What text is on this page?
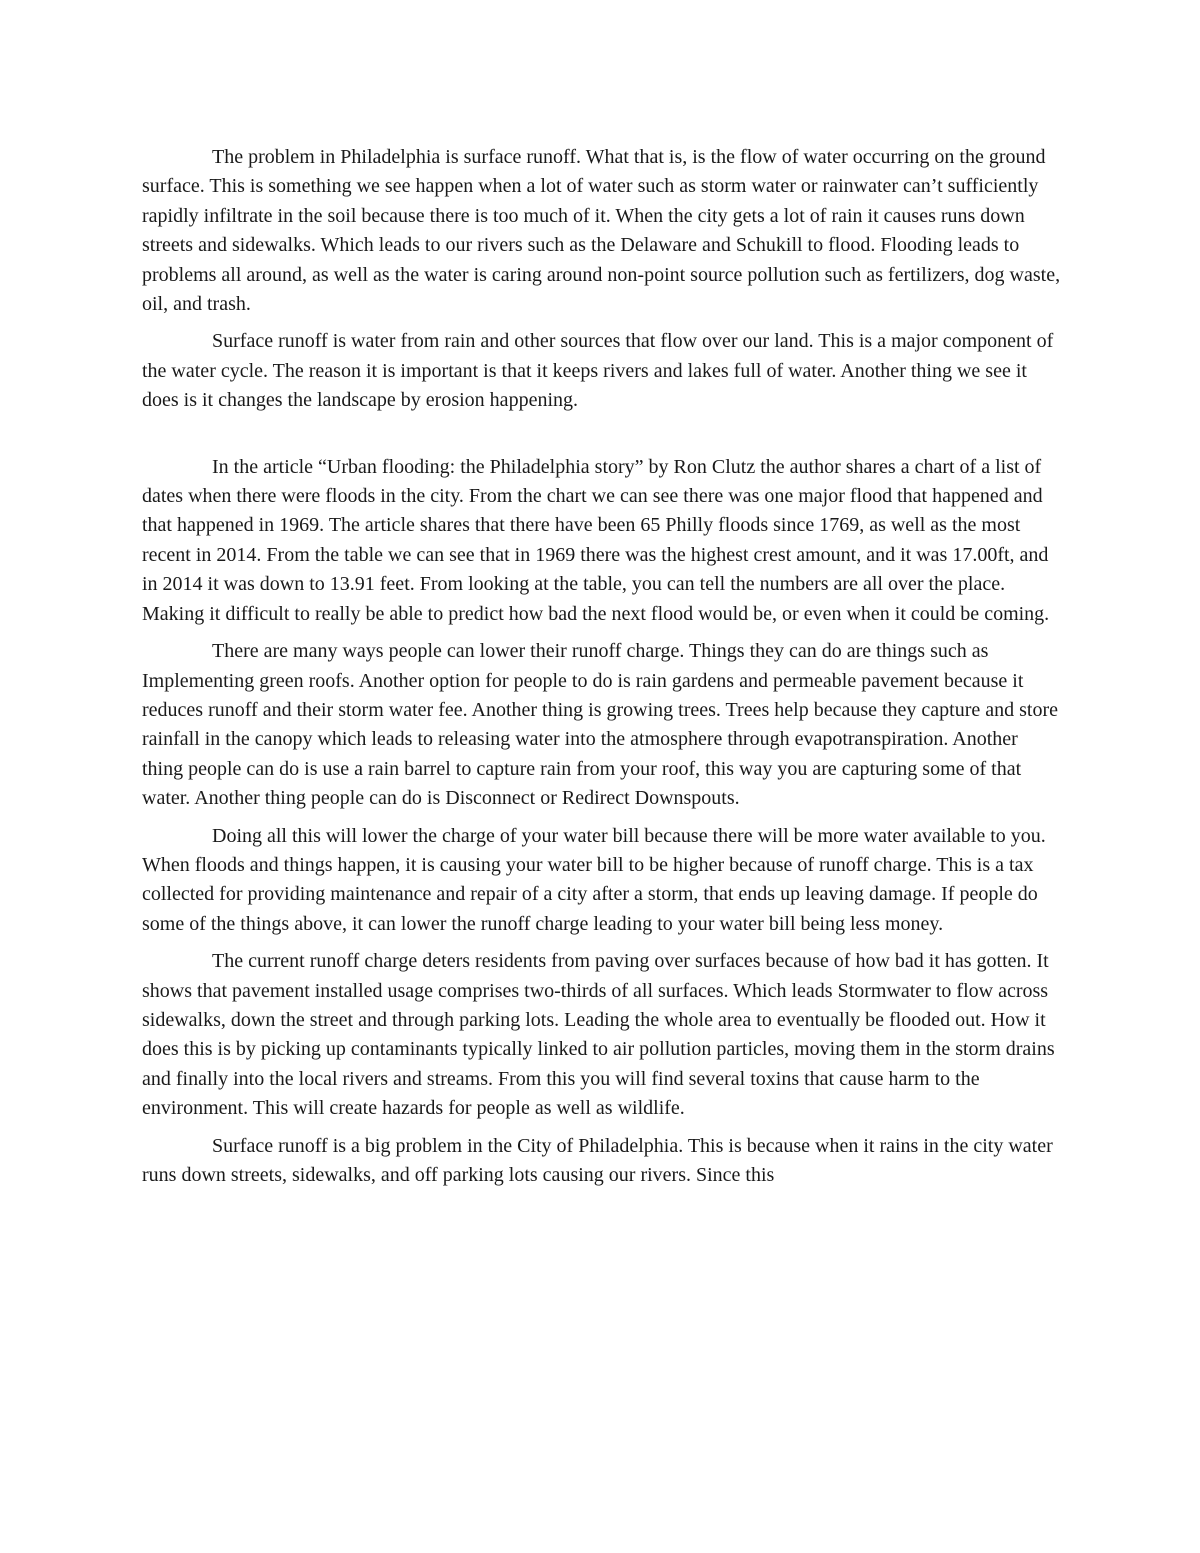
The problem in Philadelphia is surface runoff. What that is, is the flow of water occurring on the ground surface. This is something we see happen when a lot of water such as storm water or rainwater can’t sufficiently rapidly infiltrate in the soil because there is too much of it. When the city gets a lot of rain it causes runs down streets and sidewalks. Which leads to our rivers such as the Delaware and Schukill to flood. Flooding leads to problems all around, as well as the water is caring around non-point source pollution such as fertilizers, dog waste, oil, and trash.

Surface runoff is water from rain and other sources that flow over our land. This is a major component of the water cycle. The reason it is important is that it keeps rivers and lakes full of water. Another thing we see it does is it changes the landscape by erosion happening.

In the article “Urban flooding: the Philadelphia story” by Ron Clutz the author shares a chart of a list of dates when there were floods in the city. From the chart we can see there was one major flood that happened and that happened in 1969. The article shares that there have been 65 Philly floods since 1769, as well as the most recent in 2014. From the table we can see that in 1969 there was the highest crest amount, and it was 17.00ft, and in 2014 it was down to 13.91 feet. From looking at the table, you can tell the numbers are all over the place. Making it difficult to really be able to predict how bad the next flood would be, or even when it could be coming.

There are many ways people can lower their runoff charge. Things they can do are things such as Implementing green roofs. Another option for people to do is rain gardens and permeable pavement because it reduces runoff and their storm water fee. Another thing is growing trees. Trees help because they capture and store rainfall in the canopy which leads to releasing water into the atmosphere through evapotranspiration. Another thing people can do is use a rain barrel to capture rain from your roof, this way you are capturing some of that water. Another thing people can do is Disconnect or Redirect Downspouts.

Doing all this will lower the charge of your water bill because there will be more water available to you. When floods and things happen, it is causing your water bill to be higher because of runoff charge. This is a tax collected for providing maintenance and repair of a city after a storm, that ends up leaving damage. If people do some of the things above, it can lower the runoff charge leading to your water bill being less money.

The current runoff charge deters residents from paving over surfaces because of how bad it has gotten. It shows that pavement installed usage comprises two-thirds of all surfaces. Which leads Stormwater to flow across sidewalks, down the street and through parking lots. Leading the whole area to eventually be flooded out. How it does this is by picking up contaminants typically linked to air pollution particles, moving them in the storm drains and finally into the local rivers and streams. From this you will find several toxins that cause harm to the environment. This will create hazards for people as well as wildlife.

Surface runoff is a big problem in the City of Philadelphia. This is because when it rains in the city water runs down streets, sidewalks, and off parking lots causing our rivers. Since this
